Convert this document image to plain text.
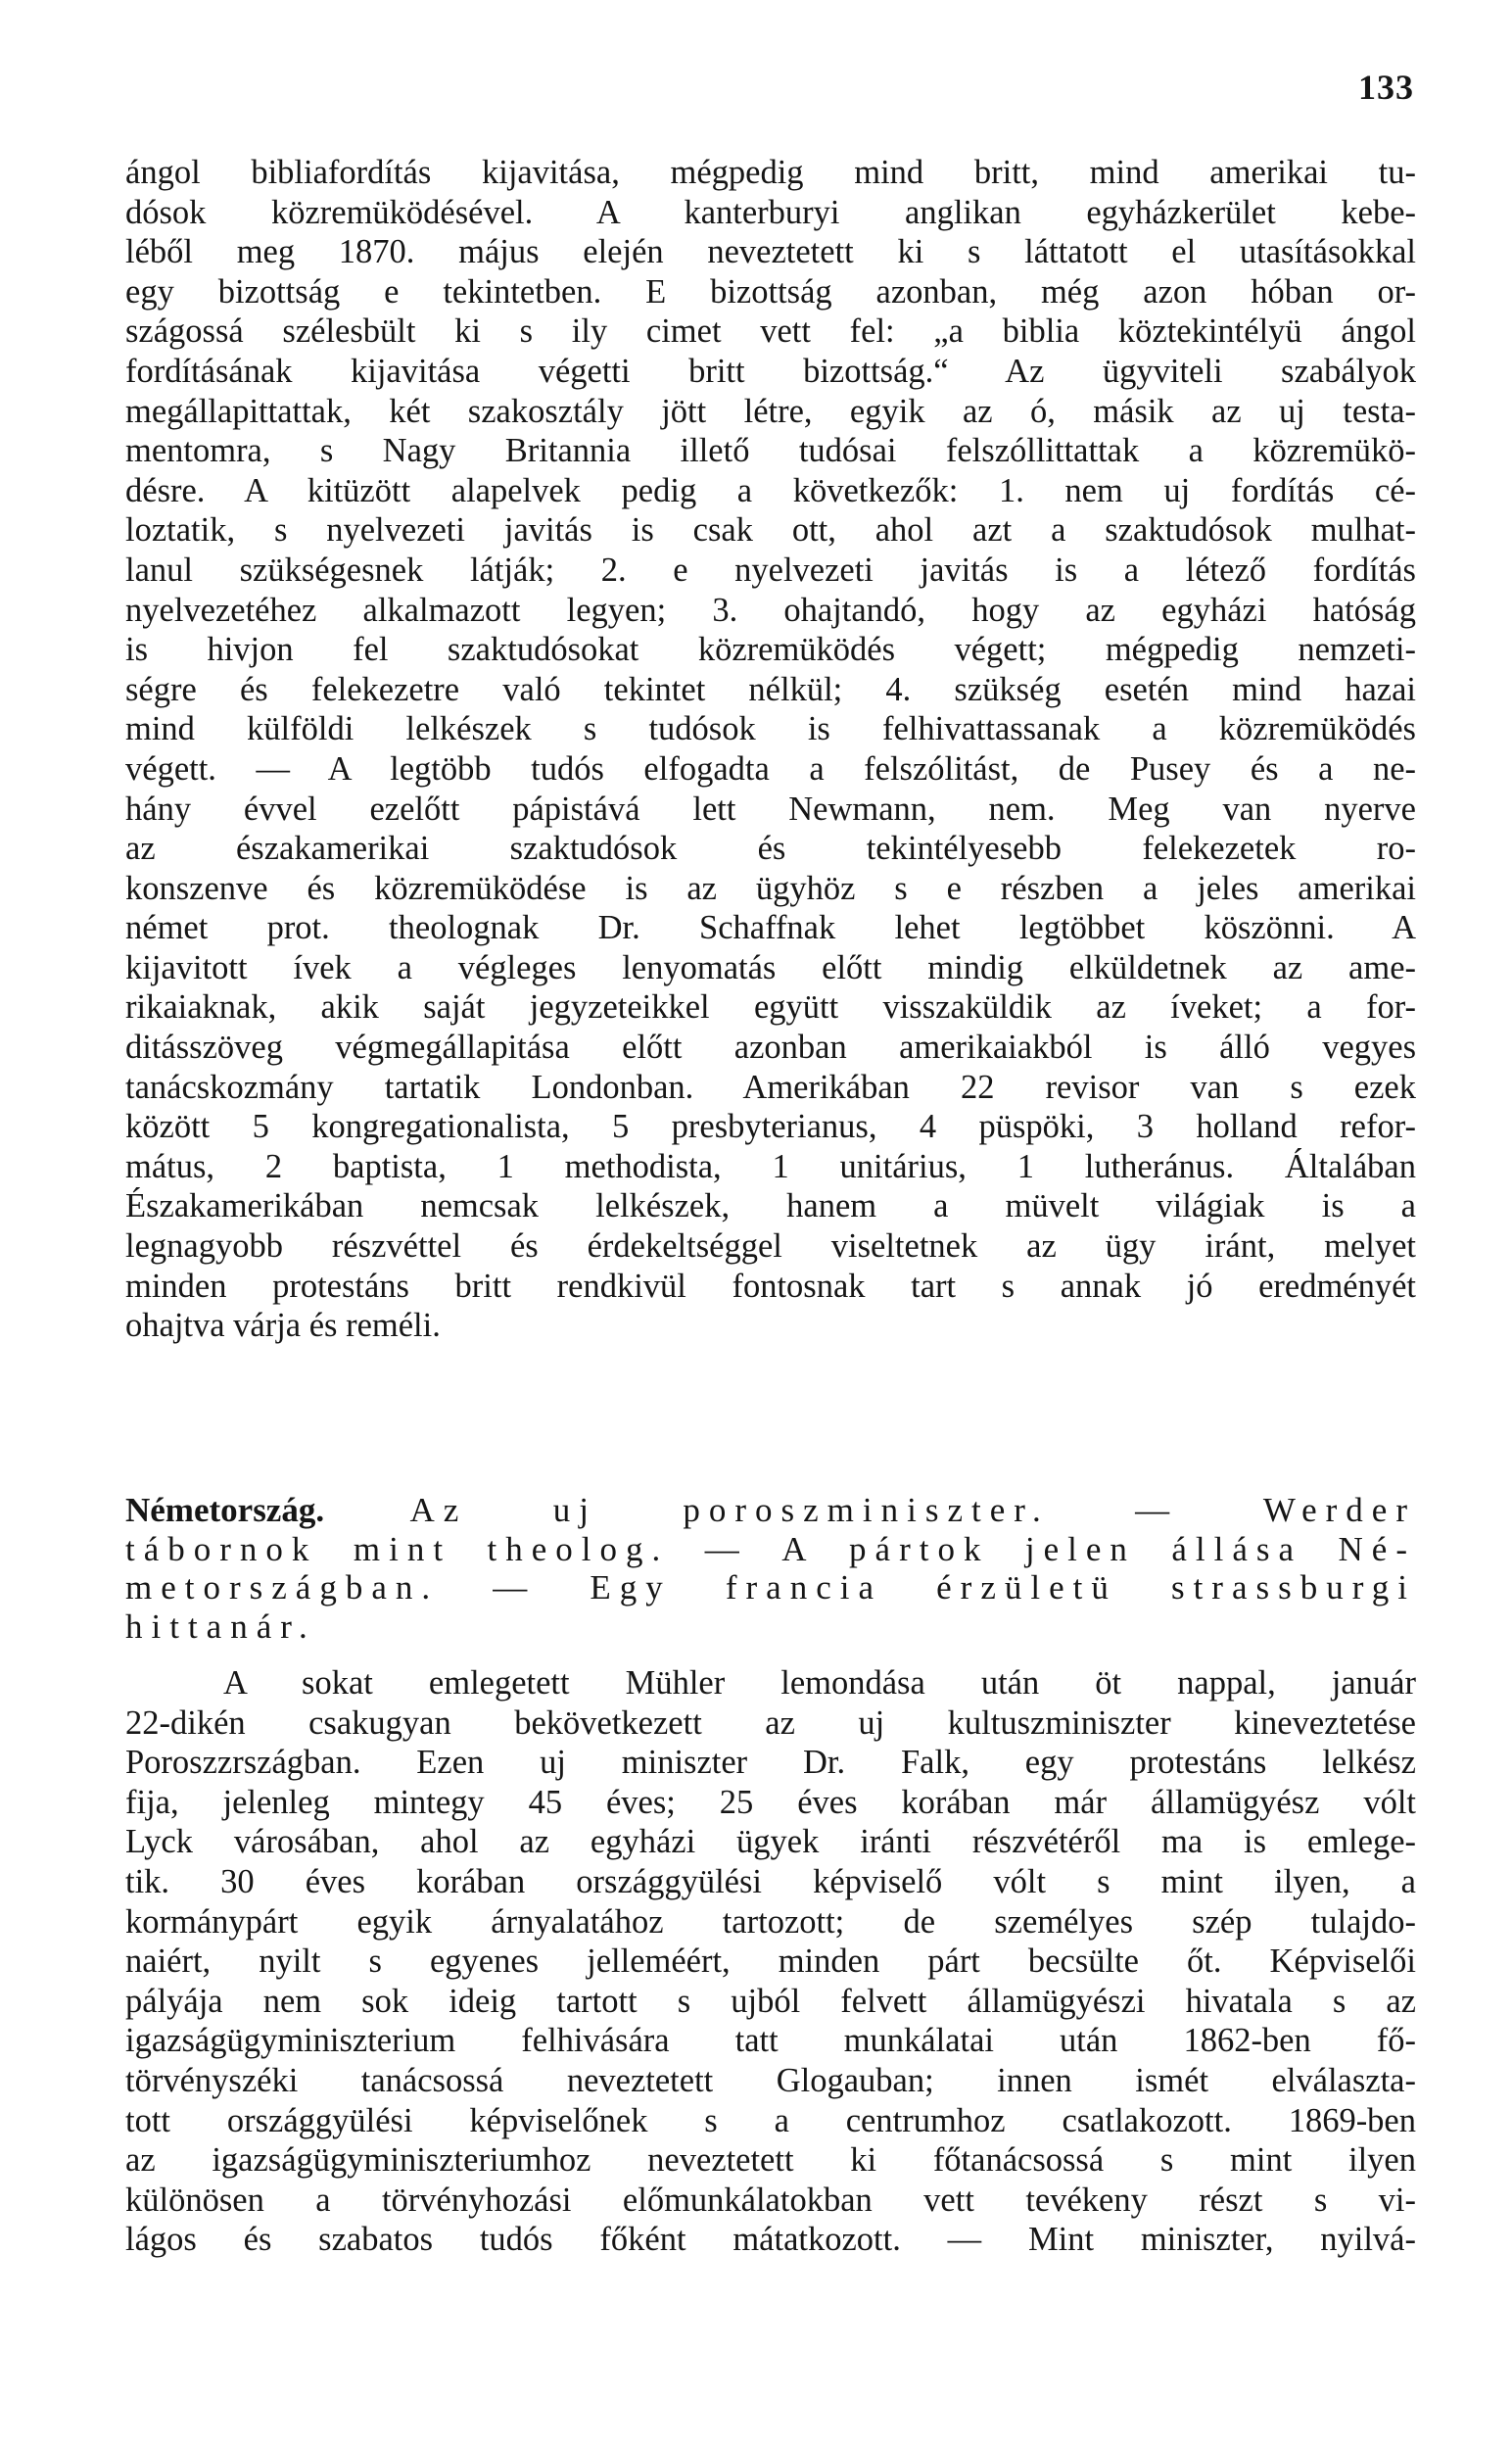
133
ángol bibliafordítás kijavitása, mégpedig mind britt, mind amerikai tu-
dósok közremüködésével. A kanterburyi anglikan egyházkerület kebe-
léből meg 1870. május elején neveztetett ki s láttatott el utasításokkal
egy bizottság e tekintetben. E bizottság azonban, még azon hóban or-
szágossá szélesbült ki s ily cimet vett fel: „a biblia köztekintélyü ángol
fordításának kijavitása végetti britt bizottság.“ Az ügyviteli szabályok
megállapittattak, két szakosztály jött létre, egyik az ó, másik az uj testa-
mentomra, s Nagy Britannia illető tudósai felszóllittattak a közremükö-
désre. A kitüzött alapelvek pedig a következők: 1. nem uj fordítás cé-
loztatik, s nyelvezeti javitás is csak ott, ahol azt a szaktudósok mulhat-
lanul szükségesnek látják; 2. e nyelvezeti javitás is a létező fordítás
nyelvezetéhez alkalmazott legyen; 3. ohajtandó, hogy az egyházi hatóság
is hivjon fel szaktudósokat közremüködés végett; mégpedig nemzeti-
ségre és felekezetre való tekintet nélkül; 4. szükség esetén mind hazai
mind külföldi lelkészek s tudósok is felhivattassanak a közremüködés
végett. — A legtöbb tudós elfogadta a felszólitást, de Pusey és a ne-
hány évvel ezelőtt pápistává lett Newmann, nem. Meg van nyerve
az északamerikai szaktudósok és tekintélyesebb felekezetek ro-
konszenve és közremüködése is az ügyhöz s e részben a jeles amerikai
német prot. theolognak Dr. Schaffnak lehet legtöbbet köszönni. A
kijavitott ívek a végleges lenyomatás előtt mindig elküldetnek az ame-
rikaiaknak, akik saját jegyzeteikkel együtt visszaküldik az íveket; a for-
ditásszöveg végmegállapitása előtt azonban amerikaiakból is álló vegyes
tanácskozmány tartatik Londonban. Amerikában 22 revisor van s ezek
között 5 kongregationalista, 5 presbyterianus, 4 püspöki, 3 holland refor-
mátus, 2 baptista, 1 methodista, 1 unitárius, 1 lutheránus. Általában
Északamerikában nemcsak lelkészek, hanem a müvelt világiak is a
legnagyobb részvéttel és érdekeltséggel viseltetnek az ügy iránt, melyet
minden protestáns britt rendkivül fontosnak tart s annak jó eredményét
ohajtva várja és reméli.
Németország. Az uj poroszminiszter. — Werder
tábornok mint theolog. — A pártok jelen állása Né-
metországban. — Egy francia érzületü strassburgi
hittanár.
A sokat emlegetett Mühler lemondása után öt nappal, január
22-dikén csakugyan bekövetkezett az uj kultuszminiszter kineveztetése
Poroszzrszágban. Ezen uj miniszter Dr. Falk, egy protestáns lelkész
fija, jelenleg mintegy 45 éves; 25 éves korában már államügyész vólt
Lyck városában, ahol az egyházi ügyek iránti részvétéről ma is emlege-
tik. 30 éves korában országgyülési képviselő vólt s mint ilyen, a
kormánypárt egyik árnyalatához tartozott; de személyes szép tulajdo-
naiért, nyilt s egyenes jelleméért, minden párt becsülte őt. Képviselői
pályája nem sok ideig tartott s ujból felvett államügyészi hivatala s az
igazságügyminiszterium felhivására tatt munkálatai után 1862-ben fő-
törvényszéki tanácsossá neveztetett Glogauban; innen ismét elválaszta-
tott országgyülési képviselőnek s a centrumhoz csatlakozott. 1869-ben
az igazságügyminiszteriumhoz neveztetett ki főtanácsossá s mint ilyen
különösen a törvényhozási előmunkálatokban vett tevékeny részt s vi-
lágos és szabatos tudós főként mátatkozott. — Mint miniszter, nyilvá-
